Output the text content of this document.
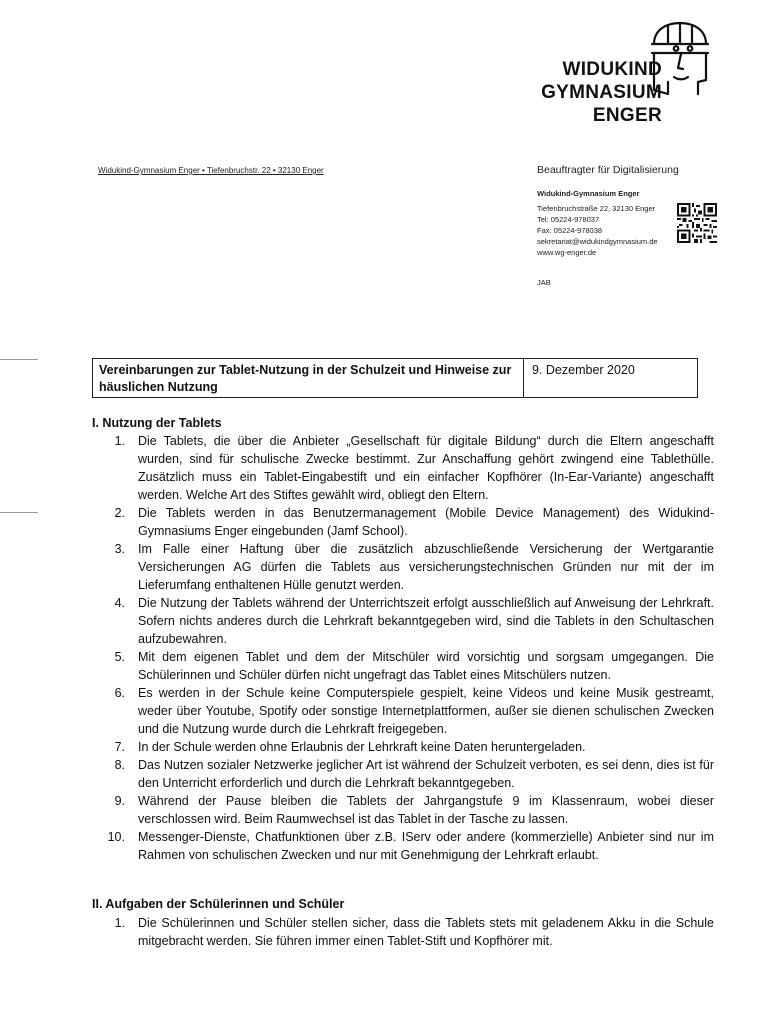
WIDUKIND
GYMNASIUM
ENGER
Widukind-Gymnasium Enger • Tiefenbruchstr. 22 • 32130 Enger	Beauftragter für Digitalisierung
Widukind-Gymnasium Enger
Tiefenbruchstraße 22, 32130 Enger
Tel: 05224-978037
Fax: 05224-978038
sekretariat@widukindgymnasium.de
www.wg-enger.de
JAB
Vereinbarungen zur Tablet-Nutzung in der Schulzeit und Hinweise zur häuslichen Nutzung
9. Dezember 2020
I. Nutzung der Tablets
1. Die Tablets, die über die Anbieter „Gesellschaft für digitale Bildung“ durch die Eltern angeschafft wurden, sind für schulische Zwecke bestimmt. Zur Anschaffung gehört zwingend eine Tablethülle. Zusätzlich muss ein Tablet-Eingabestift und ein einfacher Kopfhörer (In-Ear-Variante) angeschafft werden. Welche Art des Stiftes gewählt wird, obliegt den Eltern.
2. Die Tablets werden in das Benutzermanagement (Mobile Device Management) des Widukind-Gymnasiums Enger eingebunden (Jamf School).
3. Im Falle einer Haftung über die zusätzlich abzuschließende Versicherung der Wertgarantie Versicherungen AG dürfen die Tablets aus versicherungstechnischen Gründen nur mit der im Lieferumfang enthaltenen Hülle genutzt werden.
4. Die Nutzung der Tablets während der Unterrichtszeit erfolgt ausschließlich auf Anweisung der Lehrkraft. Sofern nichts anderes durch die Lehrkraft bekanntgegeben wird, sind die Tablets in den Schultaschen aufzubewahren.
5. Mit dem eigenen Tablet und dem der Mitschüler wird vorsichtig und sorgsam umgegangen. Die Schülerinnen und Schüler dürfen nicht ungefragt das Tablet eines Mitschülers nutzen.
6. Es werden in der Schule keine Computerspiele gespielt, keine Videos und keine Musik gestreamt, weder über Youtube, Spotify oder sonstige Internetplattformen, außer sie dienen schulischen Zwecken und die Nutzung wurde durch die Lehrkraft freigegeben.
7. In der Schule werden ohne Erlaubnis der Lehrkraft keine Daten heruntergeladen.
8. Das Nutzen sozialer Netzwerke jeglicher Art ist während der Schulzeit verboten, es sei denn, dies ist für den Unterricht erforderlich und durch die Lehrkraft bekanntgegeben.
9. Während der Pause bleiben die Tablets der Jahrgangstufe 9 im Klassenraum, wobei dieser verschlossen wird. Beim Raumwechsel ist das Tablet in der Tasche zu lassen.
10. Messenger-Dienste, Chatfunktionen über z.B. IServ oder andere (kommerzielle) Anbieter sind nur im Rahmen von schulischen Zwecken und nur mit Genehmigung der Lehrkraft erlaubt.
II. Aufgaben der Schülerinnen und Schüler
1. Die Schülerinnen und Schüler stellen sicher, dass die Tablets stets mit geladenem Akku in die Schule mitgebracht werden. Sie führen immer einen Tablet-Stift und Kopfhörer mit.
